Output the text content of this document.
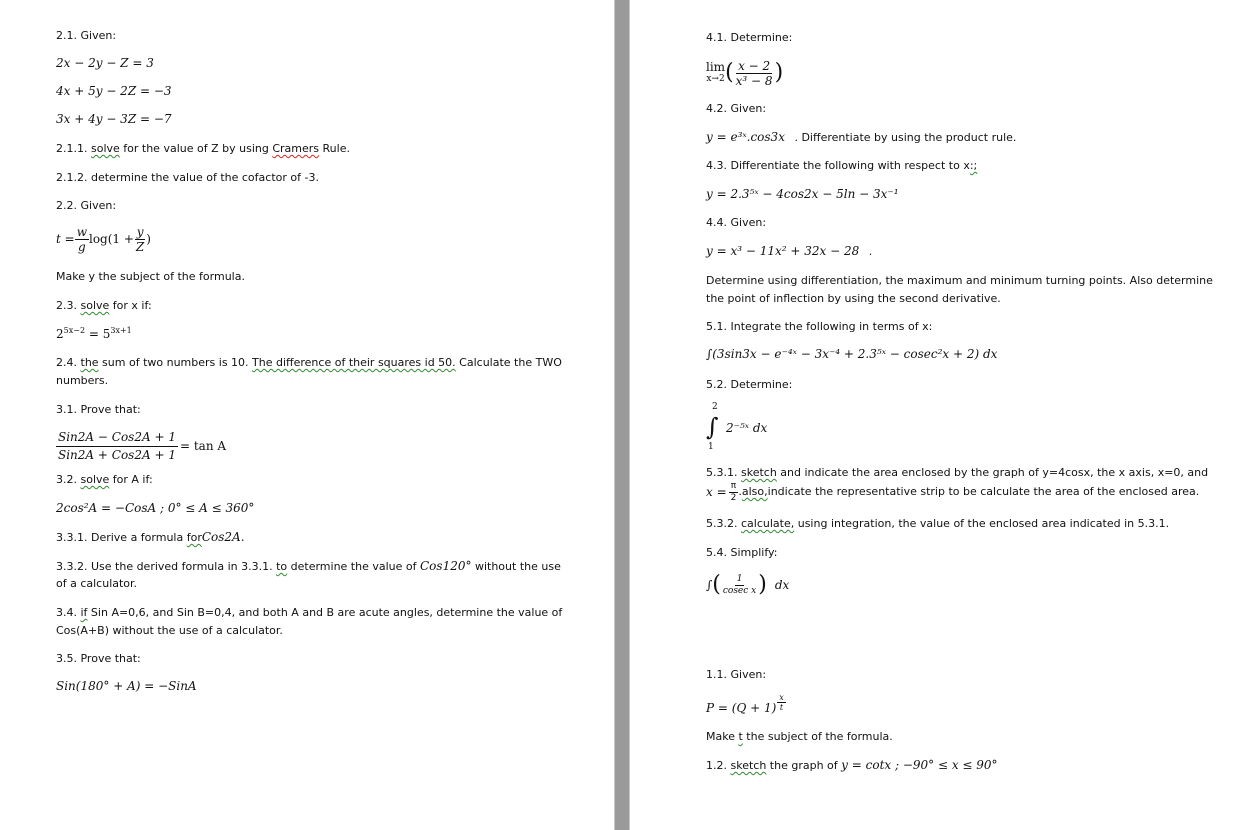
2.1. Given:
2x − 2y − Z = 3
4x + 5y − 2Z = −3
3x + 4y − 3Z = −7
2.1.1. solve for the value of Z by using Cramers Rule.
2.1.2. determine the value of the cofactor of -3.
2.2. Given:
$t = \frac{w}{g} \log(1 + \frac{y}{Z}$ )
Make y the subject of the formula.
2.3. solve for x if:
$2^{5x-2} = 5^{3x+1}$
2.4. the sum of two numbers is 10. The difference of their squares id 50. Calculate the TWO
numbers.
3.1. Prove that:
$\frac{\text{Sin2A − Cos2A + 1}}{\text{Sin2A + Cos2A + 1}} = \tan A$
3.2. solve for A if:
2cos²A = −CosA ; 0° ≤ A ≤ 360°
3.3.1. Derive a formula forCos2A.
3.3.2. Use the derived formula in 3.3.1. to determine the value of Cos120° without the use
of a calculator.
3.4. if Sin A=0,6, and Sin B=0,4, and both A and B are acute angles, determine the value of
Cos(A+B) without the use of a calculator.
3.5. Prove that:
Sin(180° + A) = −SinA
4.1. Determine:
lim
x→2 ( $\frac{x - 2}{\text{x³ − 8}}$ )
4.2. Given:
y = e³ˣ.cos3x . Differentiate by using the product rule.
4.3. Differentiate the following with respect to x:;
y = 2.3⁵ˣ − 4cos2x − 5ln − 3x⁻¹
4.4. Given:
y = x³ − 11x² + 32x − 28 .
Determine using differentiation, the maximum and minimum turning points. Also determine
the point of inflection by using the second derivative.
5.1. Integrate the following in terms of x:
∫(3sin3x − e⁻⁴ˣ − 3x⁻⁴ + 2.3⁵ˣ − cosec²x + 2) dx
5.2. Determine:
2
∫
1
2⁻⁵ˣ dx
5.3.1. sketch and indicate the area enclosed by the graph of y=4cosx, the x axis, x=0, and
$x = \frac{\pi}{2}$ . also, indicate the representative strip to be calculate the area of the enclosed area.
5.3.2. calculate, using integration, the value of the enclosed area indicated in 5.3.1.
5.4. Simplify:
∫ ( $\frac{1}{\text{cosec x}}$ ) dx
1.1. Given:
$P = (Q + 1) \frac{x}{t}$
Make t the subject of the formula.
1.2. sketch the graph of y = cotx ; −90° ≤ x ≤ 90°
